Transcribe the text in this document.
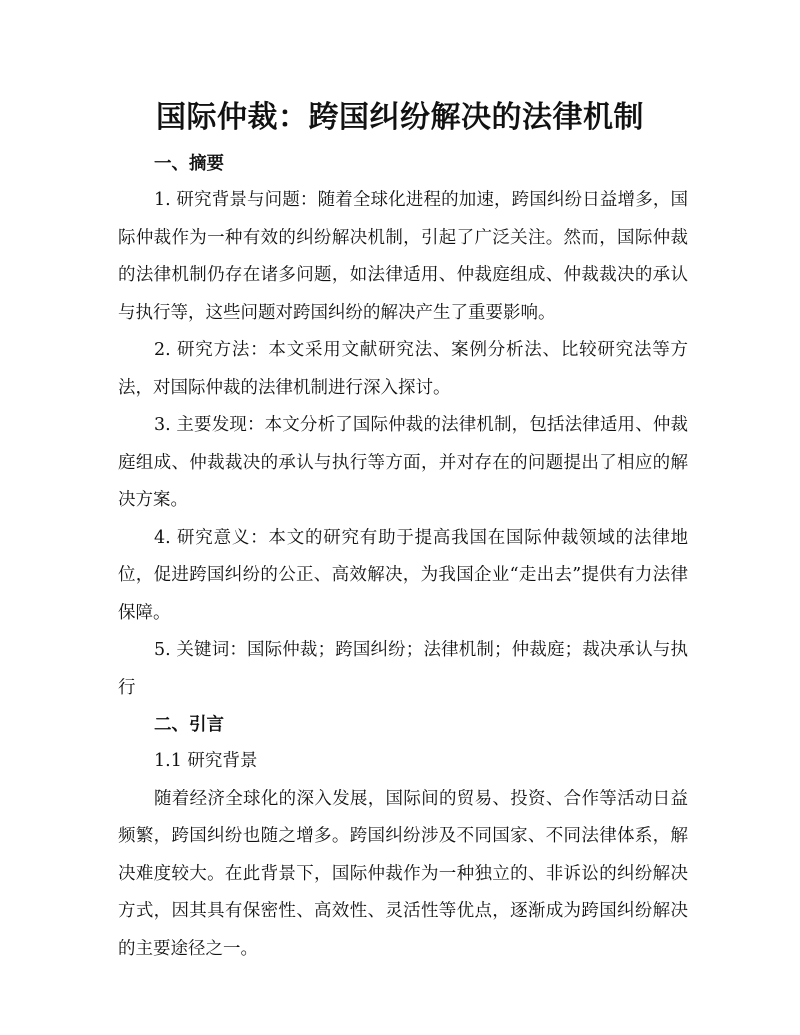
国际仲裁：跨国纠纷解决的法律机制

一、摘要

1. 研究背景与问题：随着全球化进程的加速，跨国纠纷日益增多，国际仲裁作为一种有效的纠纷解决机制，引起了广泛关注。然而，国际仲裁的法律机制仍存在诸多问题，如法律适用、仲裁庭组成、仲裁裁决的承认与执行等，这些问题对跨国纠纷的解决产生了重要影响。

2. 研究方法：本文采用文献研究法、案例分析法、比较研究法等方法，对国际仲裁的法律机制进行深入探讨。

3. 主要发现：本文分析了国际仲裁的法律机制，包括法律适用、仲裁庭组成、仲裁裁决的承认与执行等方面，并对存在的问题提出了相应的解决方案。

4. 研究意义：本文的研究有助于提高我国在国际仲裁领域的法律地位，促进跨国纠纷的公正、高效解决，为我国企业“走出去”提供有力法律保障。

5. 关键词：国际仲裁；跨国纠纷；法律机制；仲裁庭；裁决承认与执行

二、引言

1.1 研究背景

随着经济全球化的深入发展，国际间的贸易、投资、合作等活动日益频繁，跨国纠纷也随之增多。跨国纠纷涉及不同国家、不同法律体系，解决难度较大。在此背景下，国际仲裁作为一种独立的、非诉讼的纠纷解决方式，因其具有保密性、高效性、灵活性等优点，逐渐成为跨国纠纷解决的主要途径之一。
